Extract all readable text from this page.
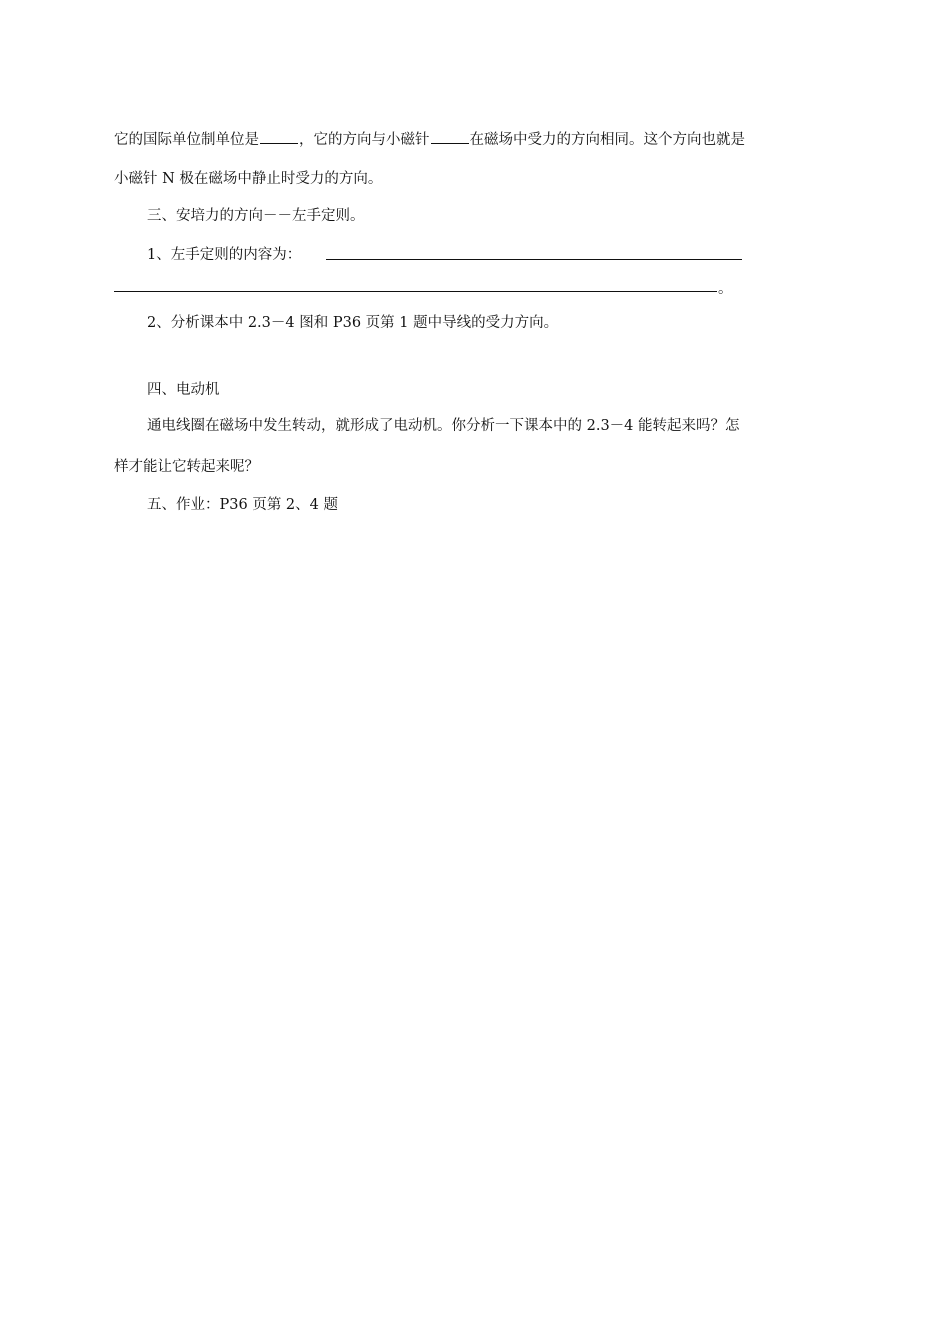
它的国际单位制单位是	，它的方向与小磁针	在磁场中受力的方向相同。这个方向也就是
小磁针 N 极在磁场中静止时受力的方向。
三、安培力的方向－－左手定则。
1、左手定则的内容为：
。
2、分析课本中 2.3－4 图和 P36 页第 1 题中导线的受力方向。
四、电动机
通电线圈在磁场中发生转动，就形成了电动机。你分析一下课本中的 2.3－4 能转起来吗？怎
样才能让它转起来呢？
五、作业：P36 页第 2、4 题
